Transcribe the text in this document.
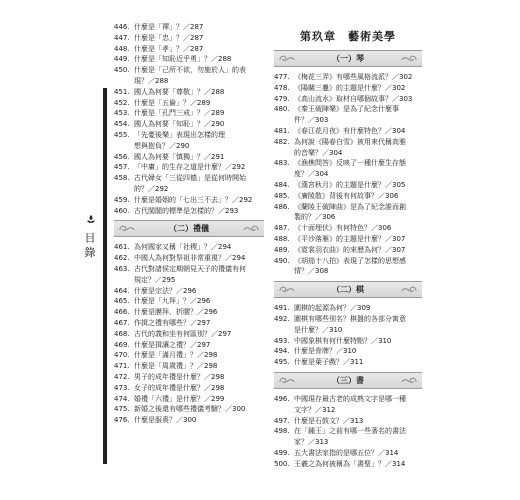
目 錄
446. 什麼是「禪」？／287
447. 什麼是「忠」？／287
448. 什麼是「孝」？／287
449. 什麼是「知恥近乎勇」？／288
450. 什麼是「己所不欲，勿施於人」的表
現？／288
451. 國人為何要「尊敬」？／288
452. 什麼是「五倫」？／289
453. 什麼是「孔門三戒」？／289
454. 國人為何要「知恥」？／290
455. 「先憂後樂」表現出怎樣的理
想與抱負？／290
456. 國人為何要「慎獨」？／291
457. 「中庸」的生存之道是什麼？／292
458. 古代婦女「三從四德」是從何時開始
的？／292
459. 什麼是婚姻的「七出三不去」？／292
460. 古代閨閣的標準是怎樣的？／293
（二）禮儀
461. 為何國家又稱「社稷」？／294
462. 中國人為何對祭祖非常重視？／294
463. 古代對諸侯定期朝見天子的禮儀有何
規定？／295
464. 什麼是宗法？／296
465. 什麼是「九拜」？／296
466. 什麼是膜拜、折腰？／296
467. 作揖之禮有哪些？／297
468. 古代的義和坐有何區別？／297
469. 什麼是揖讓之禮？／297
470. 什麼是「滿月禮」？／298
471. 什麼是「周歲禮」？／298
472. 男子的成年禮是什麼？／298
473. 女子的成年禮是什麼？／298
474. 婚禮「六禮」是什麼？／299
475. 新婚之後還有哪些禮儀考驗？／300
476. 什麼是服喪？／300
第玖章　藝術美學
（一）琴
477. 《梅花三弄》有哪些風格流派？／302
478. 《陽關三疊》的主題是什麼？／302
479. 《高山流水》取材自哪個故事？／303
480. 《秦王破陣樂》是為了紀念什麼事
件？／303
481. 《春江花月夜》有什麼特色？／304
482. 為何說《陽春白雪》被用來代稱高雅
的音樂？／304
483. 《漁樵問答》反映了一種什麼生存態
度？／304
484. 《漢宮秋月》的主題是什麼？／305
485. 《廣陵散》背後有何故事？／306
486. 《蘭陵王破陣曲》是為了紀念誰而創
製的？／306
487. 《十面埋伏》有何特色？／306
488. 《平沙落雁》的主題是什麼？／307
489. 《霓裳羽衣曲》的來歷為何？／307
490. 《胡笳十八拍》表現了怎樣的思想感
情？／308
（二）棋
491. 圍棋的起源為何？／309
492. 圍棋有哪些別名？棋盤的各部分寓意
是什麼？／310
493. 中國象棋有何什麼特點？／310
494. 什麼是骨牌？／310
495. 什麼是葉子戲？／311
（三）書
496. 中國現存最古老的成熟文字是哪一種
文字？／312
497. 什麼是石鼓文？／313
498. 在「鍾王」之前有哪一些著名的書法
家？／313
499. 五大書法家指的是哪五位？／314
500. 王羲之為何被稱為「書聖」？／314
